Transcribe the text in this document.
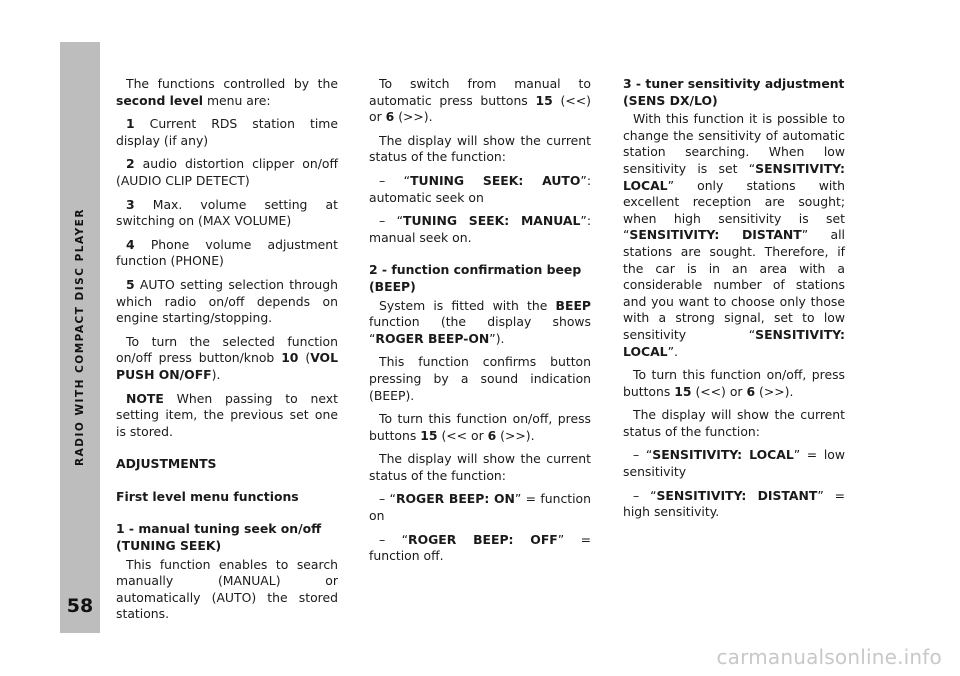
RADIO WITH COMPACT DISC PLAYER
58

The functions controlled by the second level menu are:

1 Current RDS station time display (if any)

2 audio distortion clipper on/off (AUDIO CLIP DETECT)

3 Max. volume setting at switching on (MAX VOLUME)

4 Phone volume adjustment function (PHONE)

5 AUTO setting selection through which radio on/off depends on engine starting/stopping.

To turn the selected function on/off press button/knob 10 (VOL PUSH ON/OFF).

NOTE When passing to next setting item, the previous set one is stored.

ADJUSTMENTS
First level menu functions
1 - manual tuning seek on/off (TUNING SEEK)

This function enables to search manually (MANUAL) or automatically (AUTO) the stored stations.

To switch from manual to automatic press buttons 15 (<<) or 6 (>>).

The display will show the current status of the function:

– “TUNING SEEK: AUTO”: automatic seek on

– “TUNING SEEK: MANUAL”: manual seek on.

2 - function confirmation beep (BEEP)

System is fitted with the BEEP function (the display shows “ROGER BEEP-ON”).

This function confirms button pressing by a sound indication (BEEP).

To turn this function on/off, press buttons 15 (<< or 6 (>>).

The display will show the current status of the function:

– “ROGER BEEP: ON” = function on

– “ROGER BEEP: OFF” = function off.

3 - tuner sensitivity adjustment (SENS DX/LO)

With this function it is possible to change the sensitivity of automatic station searching. When low sensitivity is set “SENSITIVITY: LOCAL” only stations with excellent reception are sought; when high sensitivity is set “SENSITIVITY: DISTANT” all stations are sought. Therefore, if the car is in an area with a considerable number of stations and you want to choose only those with a strong signal, set to low sensitivity “SENSITIVITY: LOCAL”.

To turn this function on/off, press buttons 15 (<<) or 6 (>>).

The display will show the current status of the function:

– “SENSITIVITY: LOCAL” = low sensitivity

– “SENSITIVITY: DISTANT” = high sensitivity.

carmanualsonline.info
